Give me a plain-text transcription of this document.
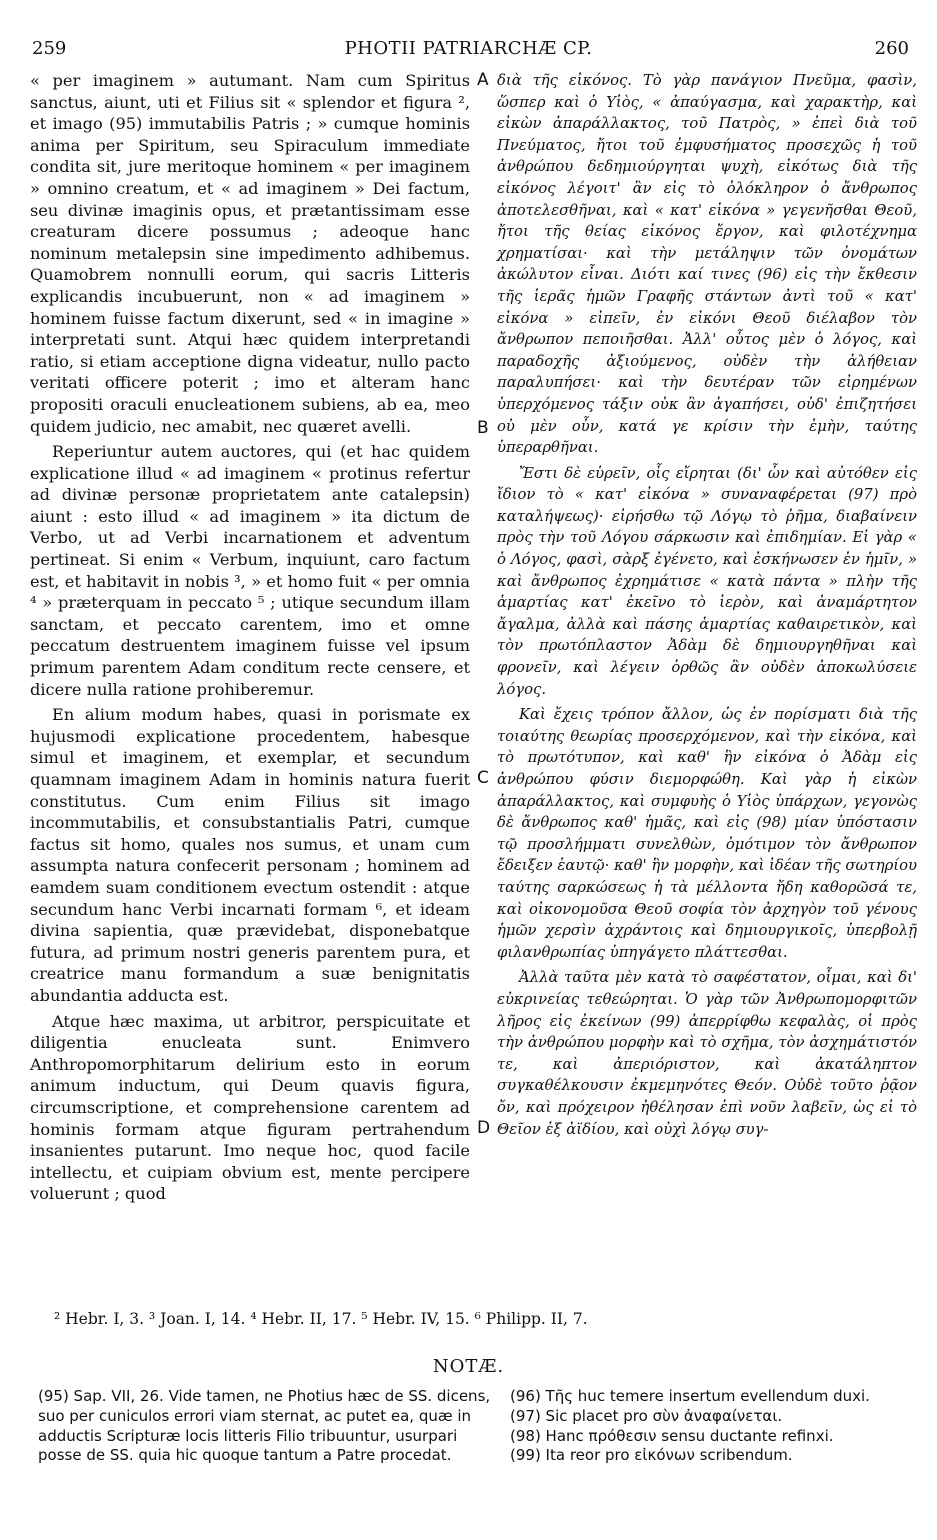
259	PHOTII PATRIARCHÆ CP.	260

« per imaginem » autumant. Nam cum Spiritus sanctus, aiunt, uti et Filius sit « splendor et figura ², et imago (95) immutabilis Patris ; » cumque hominis anima per Spiritum, seu Spiraculum immediate condita sit, jure meritoque hominem « per imaginem » omnino creatum, et « ad imaginem » Dei factum, seu divinæ imaginis opus, et prætantissimam esse creaturam dicere possumus ; adeoque hanc nominum metalepsin sine impedimento adhibemus. Quamobrem nonnulli eorum, qui sacris Litteris explicandis incubuerunt, non « ad imaginem » hominem fuisse factum dixerunt, sed « in imagine » interpretati sunt. Atqui hæc quidem interpretandi ratio, si etiam acceptione digna videatur, nullo pacto veritati officere poterit ; imo et alteram hanc propositi oraculi enucleationem subiens, ab ea, meo quidem judicio, nec amabit, nec quæret avelli.

Reperiuntur autem auctores, qui (et hac quidem explicatione illud « ad imaginem « protinus refertur ad divinæ personæ proprietatem ante catalepsin) aiunt : esto illud « ad imaginem » ita dictum de Verbo, ut ad Verbi incarnationem et adventum pertineat. Si enim « Verbum, inquiunt, caro factum est, et habitavit in nobis ³, » et homo fuit « per omnia ⁴ » præterquam in peccato ⁵ ; utique secundum illam sanctam, et peccato carentem, imo et omne peccatum destruentem imaginem fuisse vel ipsum primum parentem Adam conditum recte censere, et dicere nulla ratione prohiberemur.

En alium modum habes, quasi in porismate ex hujusmodi explicatione procedentem, habesque simul et imaginem, et exemplar, et secundum quamnam imaginem Adam in hominis natura fuerit constitutus. Cum enim Filius sit imago incommutabilis, et consubstantialis Patri, cumque factus sit homo, quales nos sumus, et unam cum assumpta natura confecerit personam ; hominem ad eamdem suam conditionem evectum ostendit : atque secundum hanc Verbi incarnati formam ⁶, et ideam divina sapientia, quæ prævidebat, disponebatque futura, ad primum nostri generis parentem pura, et creatrice manu formandum a suæ benignitatis abundantia adducta est.

Atque hæc maxima, ut arbitror, perspicuitate et diligentia enucleata sunt. Enimvero Anthropomorphitarum delirium esto in eorum animum inductum, qui Deum quavis figura, circumscriptione, et comprehensione carentem ad hominis formam atque figuram pertrahendum insanientes putarunt. Imo neque hoc, quod facile intellectu, et cuipiam obvium est, mente percipere voluerunt ; quod

A
B
C
D

διὰ τῆς εἰκόνος. Τὸ γὰρ πανάγιον Πνεῦμα, φασὶν, ὥσπερ καὶ ὁ Υἱὸς, « ἀπαύγασμα, καὶ χαρακτὴρ, καὶ εἰκὼν ἀπαράλλακτος, τοῦ Πατρὸς, » ἐπεὶ διὰ τοῦ Πνεύματος, ἤτοι τοῦ ἐμφυσήματος προσεχῶς ἡ τοῦ ἀνθρώπου δεδημιούργηται ψυχὴ, εἰκότως διὰ τῆς εἰκόνος λέγοιτ' ἂν εἰς τὸ ὁλόκληρον ὁ ἄνθρωπος ἀποτελεσθῆναι, καὶ « κατ' εἰκόνα » γεγενῆσθαι Θεοῦ, ἤτοι τῆς θείας εἰκόνος ἔργον, καὶ φιλοτέχνημα χρηματίσαι· καὶ τὴν μετάληψιν τῶν ὀνομάτων ἀκώλυτον εἶναι. Διότι καί τινες (96) εἰς τὴν ἔκθεσιν τῆς ἱερᾶς ἡμῶν Γραφῆς στάντων ἀντὶ τοῦ « κατ' εἰκόνα » εἰπεῖν, ἐν εἰκόνι Θεοῦ διέλαβον τὸν ἄνθρωπον πεποιῆσθαι. Ἀλλ' οὗτος μὲν ὁ λόγος, καὶ παραδοχῆς ἀξιούμενος, οὐδὲν τὴν ἀλήθειαν παραλυπήσει· καὶ τὴν δευτέραν τῶν εἰρημένων ὑπερχόμενος τάξιν οὐκ ἂν ἀγαπήσει, οὐδ' ἐπιζητήσει οὐ μὲν οὖν, κατά γε κρίσιν τὴν ἐμὴν, ταύτης ὑπεραρθῆναι.

Ἔστι δὲ εὑρεῖν, οἷς εἴρηται (δι' ὧν καὶ αὐτόθεν εἰς ἴδιον τὸ « κατ' εἰκόνα » συναναφέρεται (97) πρὸ καταλήψεως)· εἰρήσθω τῷ Λόγῳ τὸ ῥῆμα, διαβαίνειν πρὸς τὴν τοῦ Λόγου σάρκωσιν καὶ ἐπιδημίαν. Εἰ γὰρ « ὁ Λόγος, φασὶ, σὰρξ ἐγένετο, καὶ ἐσκήνωσεν ἐν ἡμῖν, » καὶ ἄνθρωπος ἐχρημάτισε « κατὰ πάντα » πλὴν τῆς ἁμαρτίας κατ' ἐκεῖνο τὸ ἱερὸν, καὶ ἀναμάρτητον ἄγαλμα, ἀλλὰ καὶ πάσης ἁμαρτίας καθαιρετικὸν, καὶ τὸν πρωτόπλαστον Ἀδὰμ δὲ δημιουργηθῆναι καὶ φρονεῖν, καὶ λέγειν ὀρθῶς ἂν οὐδὲν ἀποκωλύσειε λόγος.

Καὶ ἔχεις τρόπον ἄλλον, ὡς ἐν πορίσματι διὰ τῆς τοιαύτης θεωρίας προσερχόμενον, καὶ τὴν εἰκόνα, καὶ τὸ πρωτότυπον, καὶ καθ' ἣν εἰκόνα ὁ Ἀδὰμ εἰς ἀνθρώπου φύσιν διεμορφώθη. Καὶ γὰρ ἡ εἰκὼν ἀπαράλλακτος, καὶ συμφυὴς ὁ Υἱὸς ὑπάρχων, γεγονὼς δὲ ἄνθρωπος καθ' ἡμᾶς, καὶ εἰς (98) μίαν ὑπόστασιν τῷ προσλήμματι συνελθὼν, ὁμότιμον τὸν ἄνθρωπον ἔδειξεν ἑαυτῷ· καθ' ἣν μορφὴν, καὶ ἰδέαν τῆς σωτηρίου ταύτης σαρκώσεως ἡ τὰ μέλλοντα ἤδη καθορῶσά τε, καὶ οἰκονομοῦσα Θεοῦ σοφία τὸν ἀρχηγὸν τοῦ γένους ἡμῶν χερσὶν ἀχράντοις καὶ δημιουργικοῖς, ὑπερβολῇ φιλανθρωπίας ὑπηγάγετο πλάττεσθαι.

Ἀλλὰ ταῦτα μὲν κατὰ τὸ σαφέστατον, οἶμαι, καὶ δι' εὐκρινείας τεθεώρηται. Ὁ γὰρ τῶν Ἀνθρωπομορφιτῶν λῆρος εἰς ἐκείνων (99) ἀπερρίφθω κεφαλὰς, οἱ πρὸς τὴν ἀνθρώπου μορφὴν καὶ τὸ σχῆμα, τὸν ἀσχημάτιστόν τε, καὶ ἀπεριόριστον, καὶ ἀκατάληπτον συγκαθέλκουσιν ἐκμεμηνότες Θεόν. Οὐδὲ τοῦτο ῥᾷον ὄν, καὶ πρόχειρον ἠθέλησαν ἐπὶ νοῦν λαβεῖν, ὡς εἰ τὸ Θεῖον ἐξ ἀϊδίου, καὶ οὐχὶ λόγῳ συγ-

² Hebr. I, 3. ³ Joan. I, 14. ⁴ Hebr. II, 17. ⁵ Hebr. IV, 15. ⁶ Philipp. II, 7.
NOTÆ.
(95) Sap. VII, 26. Vide tamen, ne Photius hæc de SS. dicens, suo per cuniculos errori viam sternat, ac putet ea, quæ in adductis Scripturæ locis litteris Filio tribuuntur, usurpari posse de SS. quia hic quoque tantum a Patre procedat.
(96) Τῆς huc temere insertum evellendum duxi.
(97) Sic placet pro σὺν ἀναφαίνεται.
(98) Hanc πρόθεσιν sensu ductante refinxi.
(99) Ita reor pro εἰκόνων scribendum.
